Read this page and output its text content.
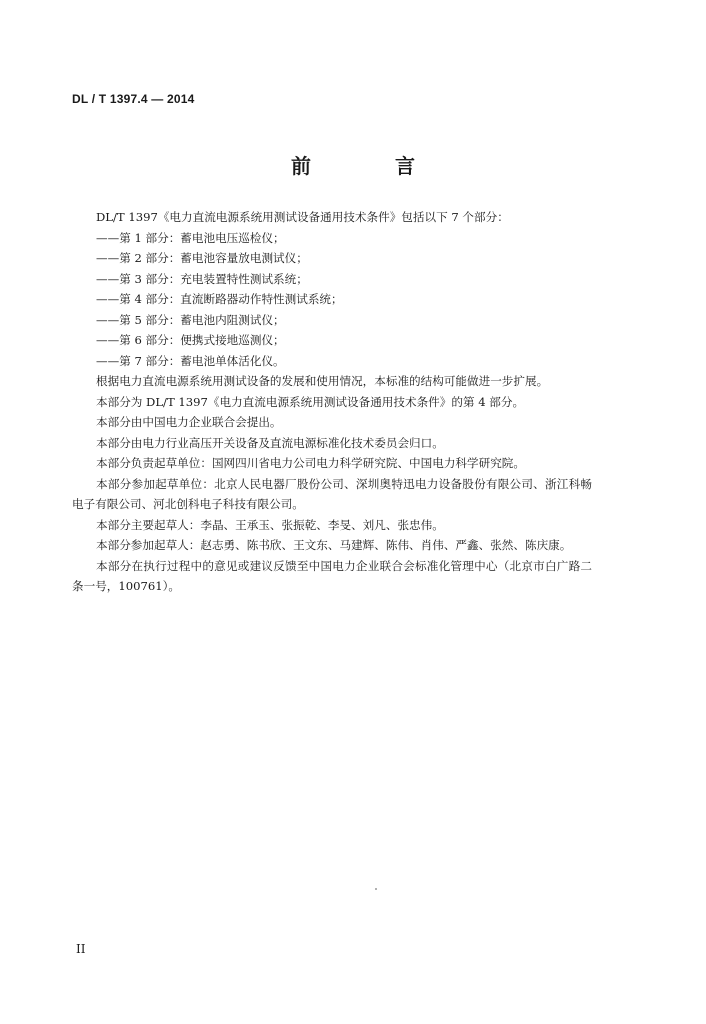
DL / T 1397.4 — 2014
前　言

DL/T 1397《电力直流电源系统用测试设备通用技术条件》包括以下 7 个部分：

——第 1 部分：蓄电池电压巡检仪；

——第 2 部分：蓄电池容量放电测试仪；

——第 3 部分：充电装置特性测试系统；

——第 4 部分：直流断路器动作特性测试系统；

——第 5 部分：蓄电池内阻测试仪；

——第 6 部分：便携式接地巡测仪；

——第 7 部分：蓄电池单体活化仪。

根据电力直流电源系统用测试设备的发展和使用情况，本标准的结构可能做进一步扩展。

本部分为 DL/T 1397《电力直流电源系统用测试设备通用技术条件》的第 4 部分。

本部分由中国电力企业联合会提出。

本部分由电力行业高压开关设备及直流电源标准化技术委员会归口。

本部分负责起草单位：国网四川省电力公司电力科学研究院、中国电力科学研究院。

本部分参加起草单位：北京人民电器厂股份公司、深圳奥特迅电力设备股份有限公司、浙江科畅电子有限公司、河北创科电子科技有限公司。

本部分主要起草人：李晶、王承玉、张振乾、李旻、刘凡、张忠伟。

本部分参加起草人：赵志勇、陈书欣、王文东、马建辉、陈伟、肖伟、严鑫、张然、陈庆康。

本部分在执行过程中的意见或建议反馈至中国电力企业联合会标准化管理中心（北京市白广路二条一号，100761）。

II
